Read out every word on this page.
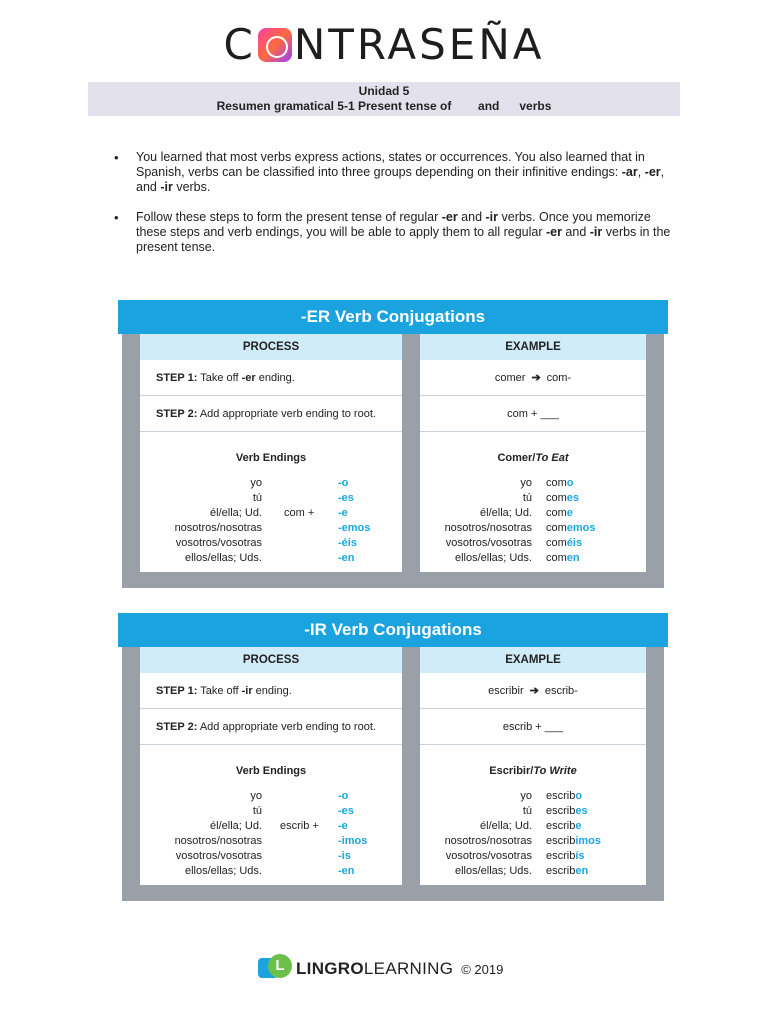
C NTRASEÑA
Unidad 5
Resumen gramatical 5-1 Present tense of        and      verbs
• You learned that most verbs express actions, states or occurrences. You also learned that in Spanish, verbs can be classified into three groups depending on their infinitive endings: -ar, -er, and -ir verbs.
• Follow these steps to form the present tense of regular -er and -ir verbs. Once you memorize these steps and verb endings, you will be able to apply them to all regular -er and -ir verbs in the present tense.
-ER Verb Conjugations
PROCESS
STEP 1: Take off -er ending.
STEP 2: Add appropriate verb ending to root.
Verb Endings
yo
tú
él/ella; Ud.
nosotros/nosotras
vosotros/vosotras
ellos/ellas; Uds.
com +
-o
-es
-e
-emos
-éis
-en
EXAMPLE
comer ➔ com-
com + ___
Comer/To Eat
yo
tú
él/ella; Ud.
nosotros/nosotras
vosotros/vosotras
ellos/ellas; Uds.
como
comes
come
comemos
coméis
comen
-IR Verb Conjugations
PROCESS
STEP 1: Take off -ir ending.
STEP 2: Add appropriate verb ending to root.
Verb Endings
yo
tú
él/ella; Ud.
nosotros/nosotras
vosotros/vosotras
ellos/ellas; Uds.
escrib +
-o
-es
-e
-imos
-is
-en
EXAMPLE
escribir ➔ escrib-
escrib + ___
Escribir/To Write
yo
tú
él/ella; Ud.
nosotros/nosotras
vosotros/vosotras
ellos/ellas; Uds.
escribo
escribes
escribe
escribimos
escribís
escriben
L LINGROLEARNING © 2019
